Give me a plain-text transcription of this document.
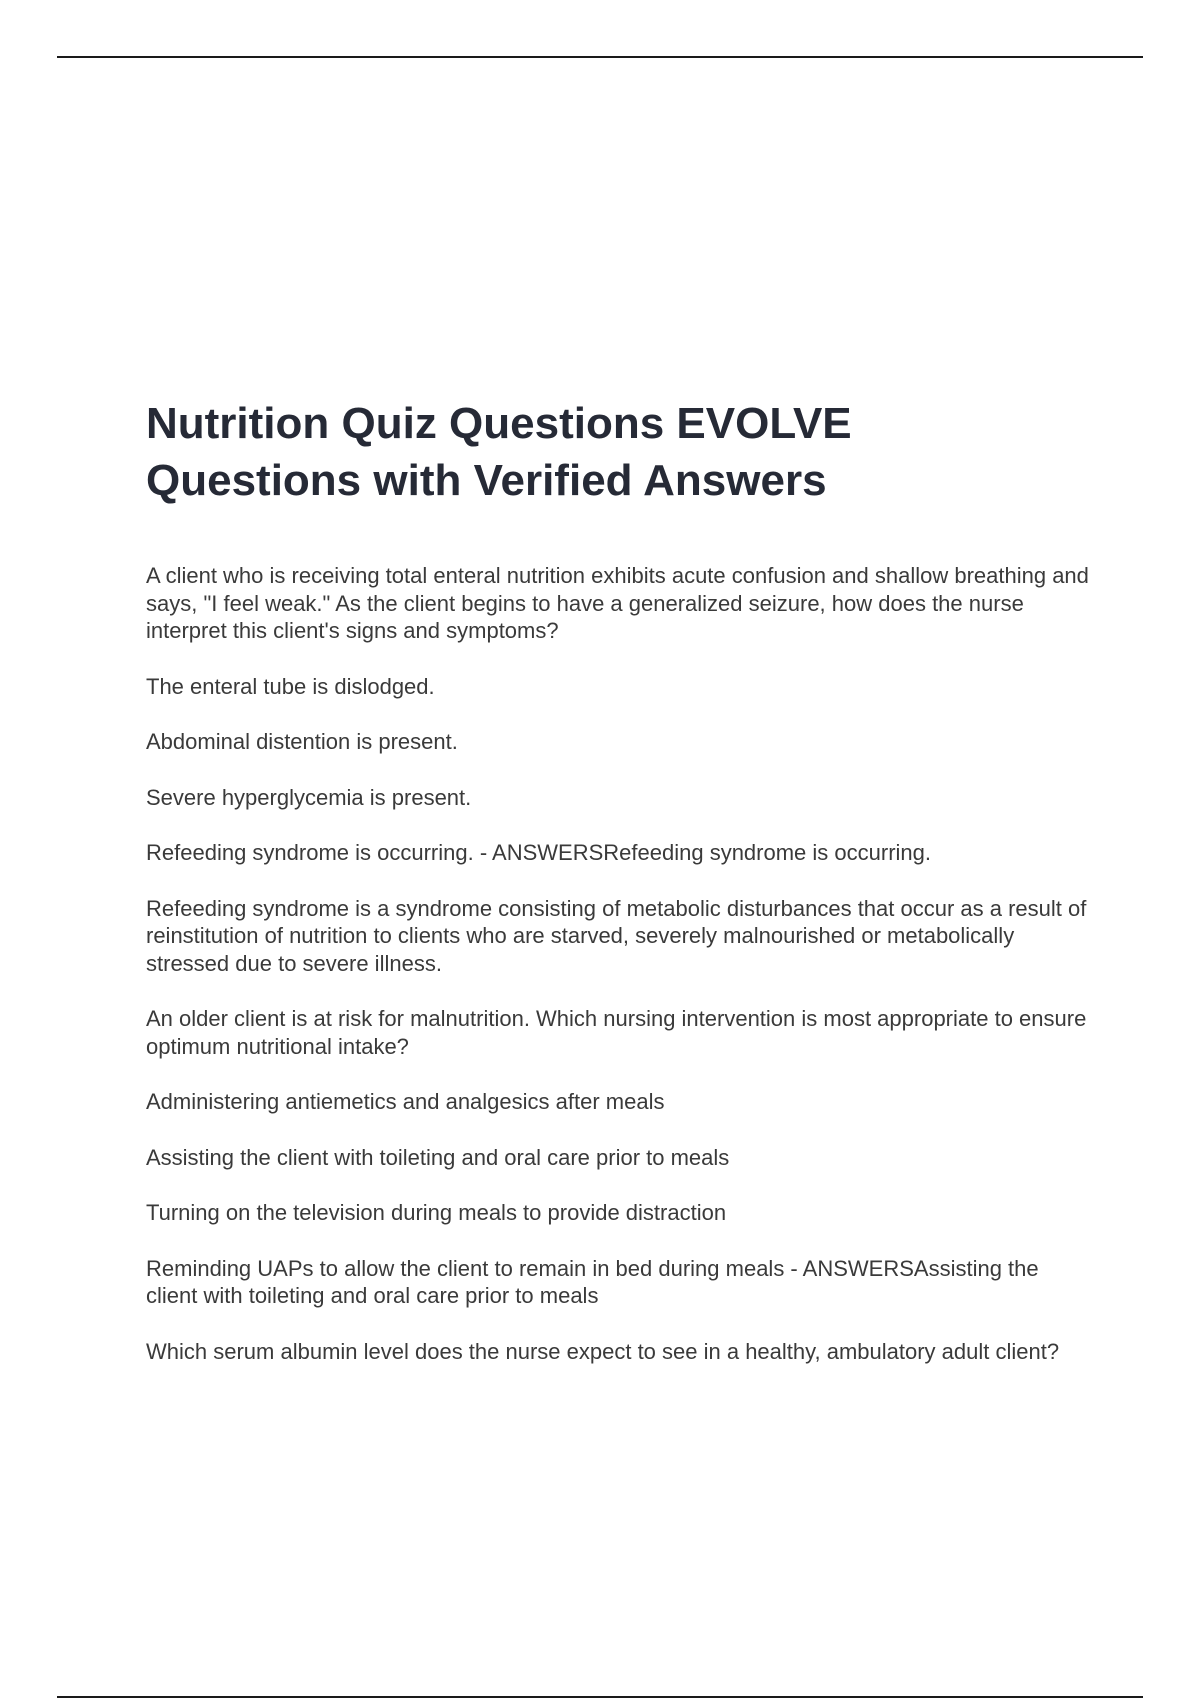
Nutrition Quiz Questions EVOLVE
Questions with Verified Answers

A client who is receiving total enteral nutrition exhibits acute confusion and shallow breathing and says, "I feel weak." As the client begins to have a generalized seizure, how does the nurse interpret this client's signs and symptoms?

The enteral tube is dislodged.

Abdominal distention is present.

Severe hyperglycemia is present.

Refeeding syndrome is occurring. - ANSWERSRefeeding syndrome is occurring.

Refeeding syndrome is a syndrome consisting of metabolic disturbances that occur as a result of reinstitution of nutrition to clients who are starved, severely malnourished or metabolically stressed due to severe illness.

An older client is at risk for malnutrition. Which nursing intervention is most appropriate to ensure optimum nutritional intake?

Administering antiemetics and analgesics after meals

Assisting the client with toileting and oral care prior to meals

Turning on the television during meals to provide distraction

Reminding UAPs to allow the client to remain in bed during meals - ANSWERSAssisting the client with toileting and oral care prior to meals

Which serum albumin level does the nurse expect to see in a healthy, ambulatory adult client?
